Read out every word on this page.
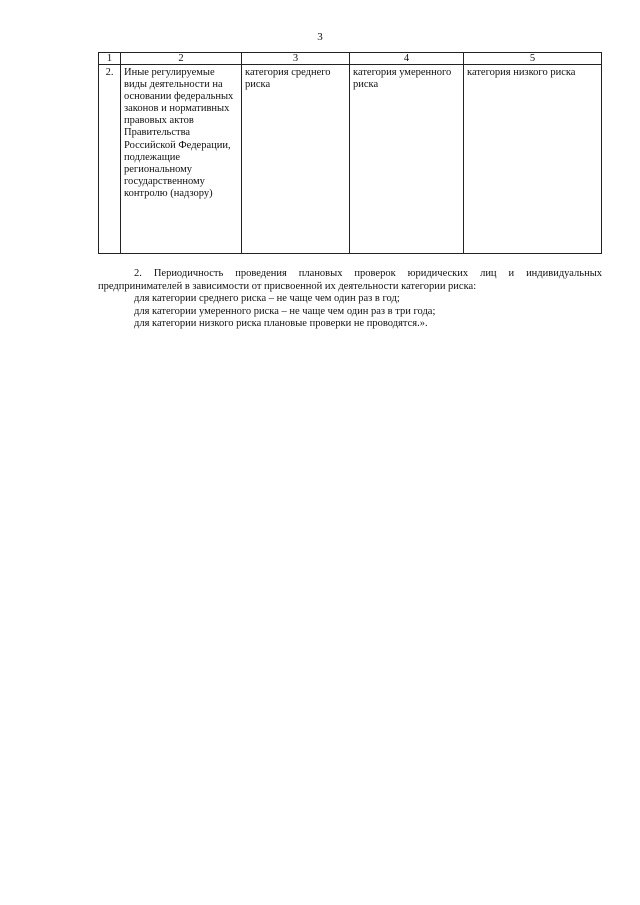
3
1	2	3	4	5
2.	Иные регулируемые виды деятельности на основании федеральных законов и нормативных правовых актов Правительства Российской Федерации, подлежащие региональному государственному контролю (надзору)	категория среднего риска	категория умеренного риска	категория низкого риска

2. Периодичность проведения плановых проверок юридических лиц и индивидуальных предпринимателей в зависимости от присвоенной их деятельности категории риска:

для категории среднего риска – не чаще чем один раз в год;

для категории умеренного риска – не чаще чем один раз в три года;

для категории низкого риска плановые проверки не проводятся.».
